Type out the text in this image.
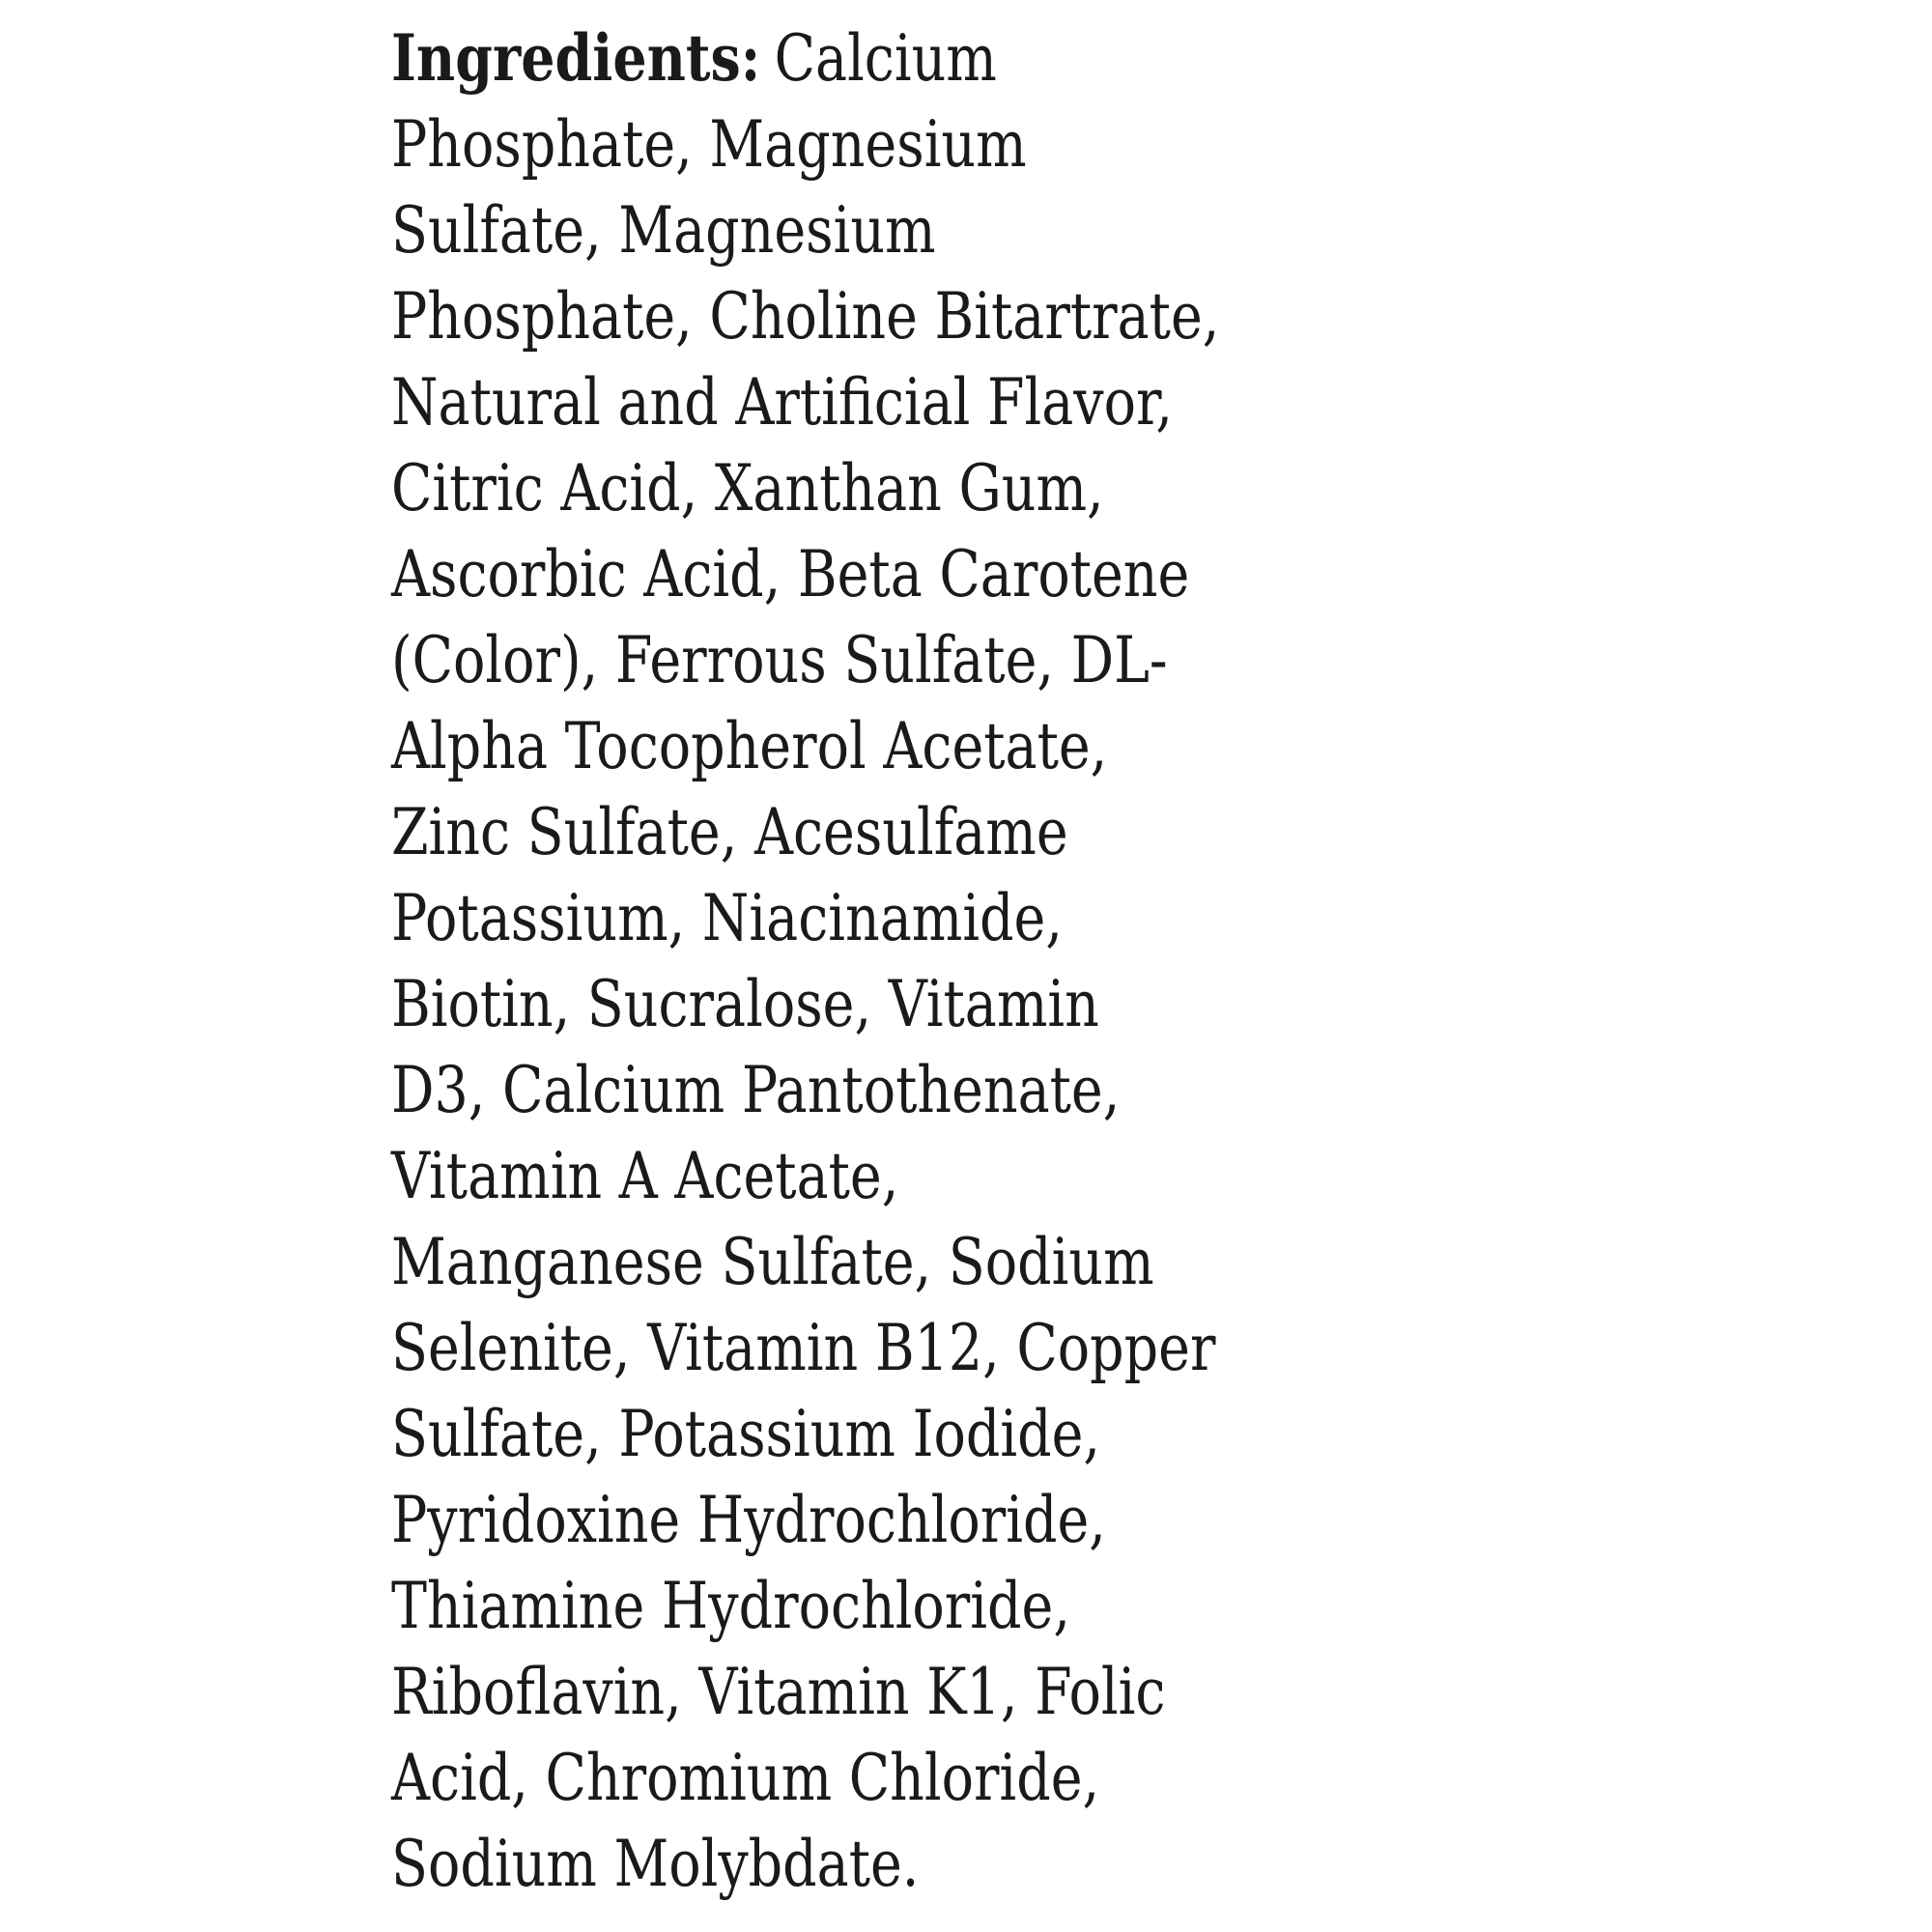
Ingredients: Calcium
Phosphate, Magnesium
Sulfate, Magnesium
Phosphate, Choline Bitartrate,
Natural and Artificial Flavor,
Citric Acid, Xanthan Gum,
Ascorbic Acid, Beta Carotene
(Color), Ferrous Sulfate, DL-
Alpha Tocopherol Acetate,
Zinc Sulfate, Acesulfame
Potassium, Niacinamide,
Biotin, Sucralose, Vitamin
D3, Calcium Pantothenate,
Vitamin A Acetate,
Manganese Sulfate, Sodium
Selenite, Vitamin B12, Copper
Sulfate, Potassium Iodide,
Pyridoxine Hydrochloride,
Thiamine Hydrochloride,
Riboflavin, Vitamin K1, Folic
Acid, Chromium Chloride,
Sodium Molybdate.
